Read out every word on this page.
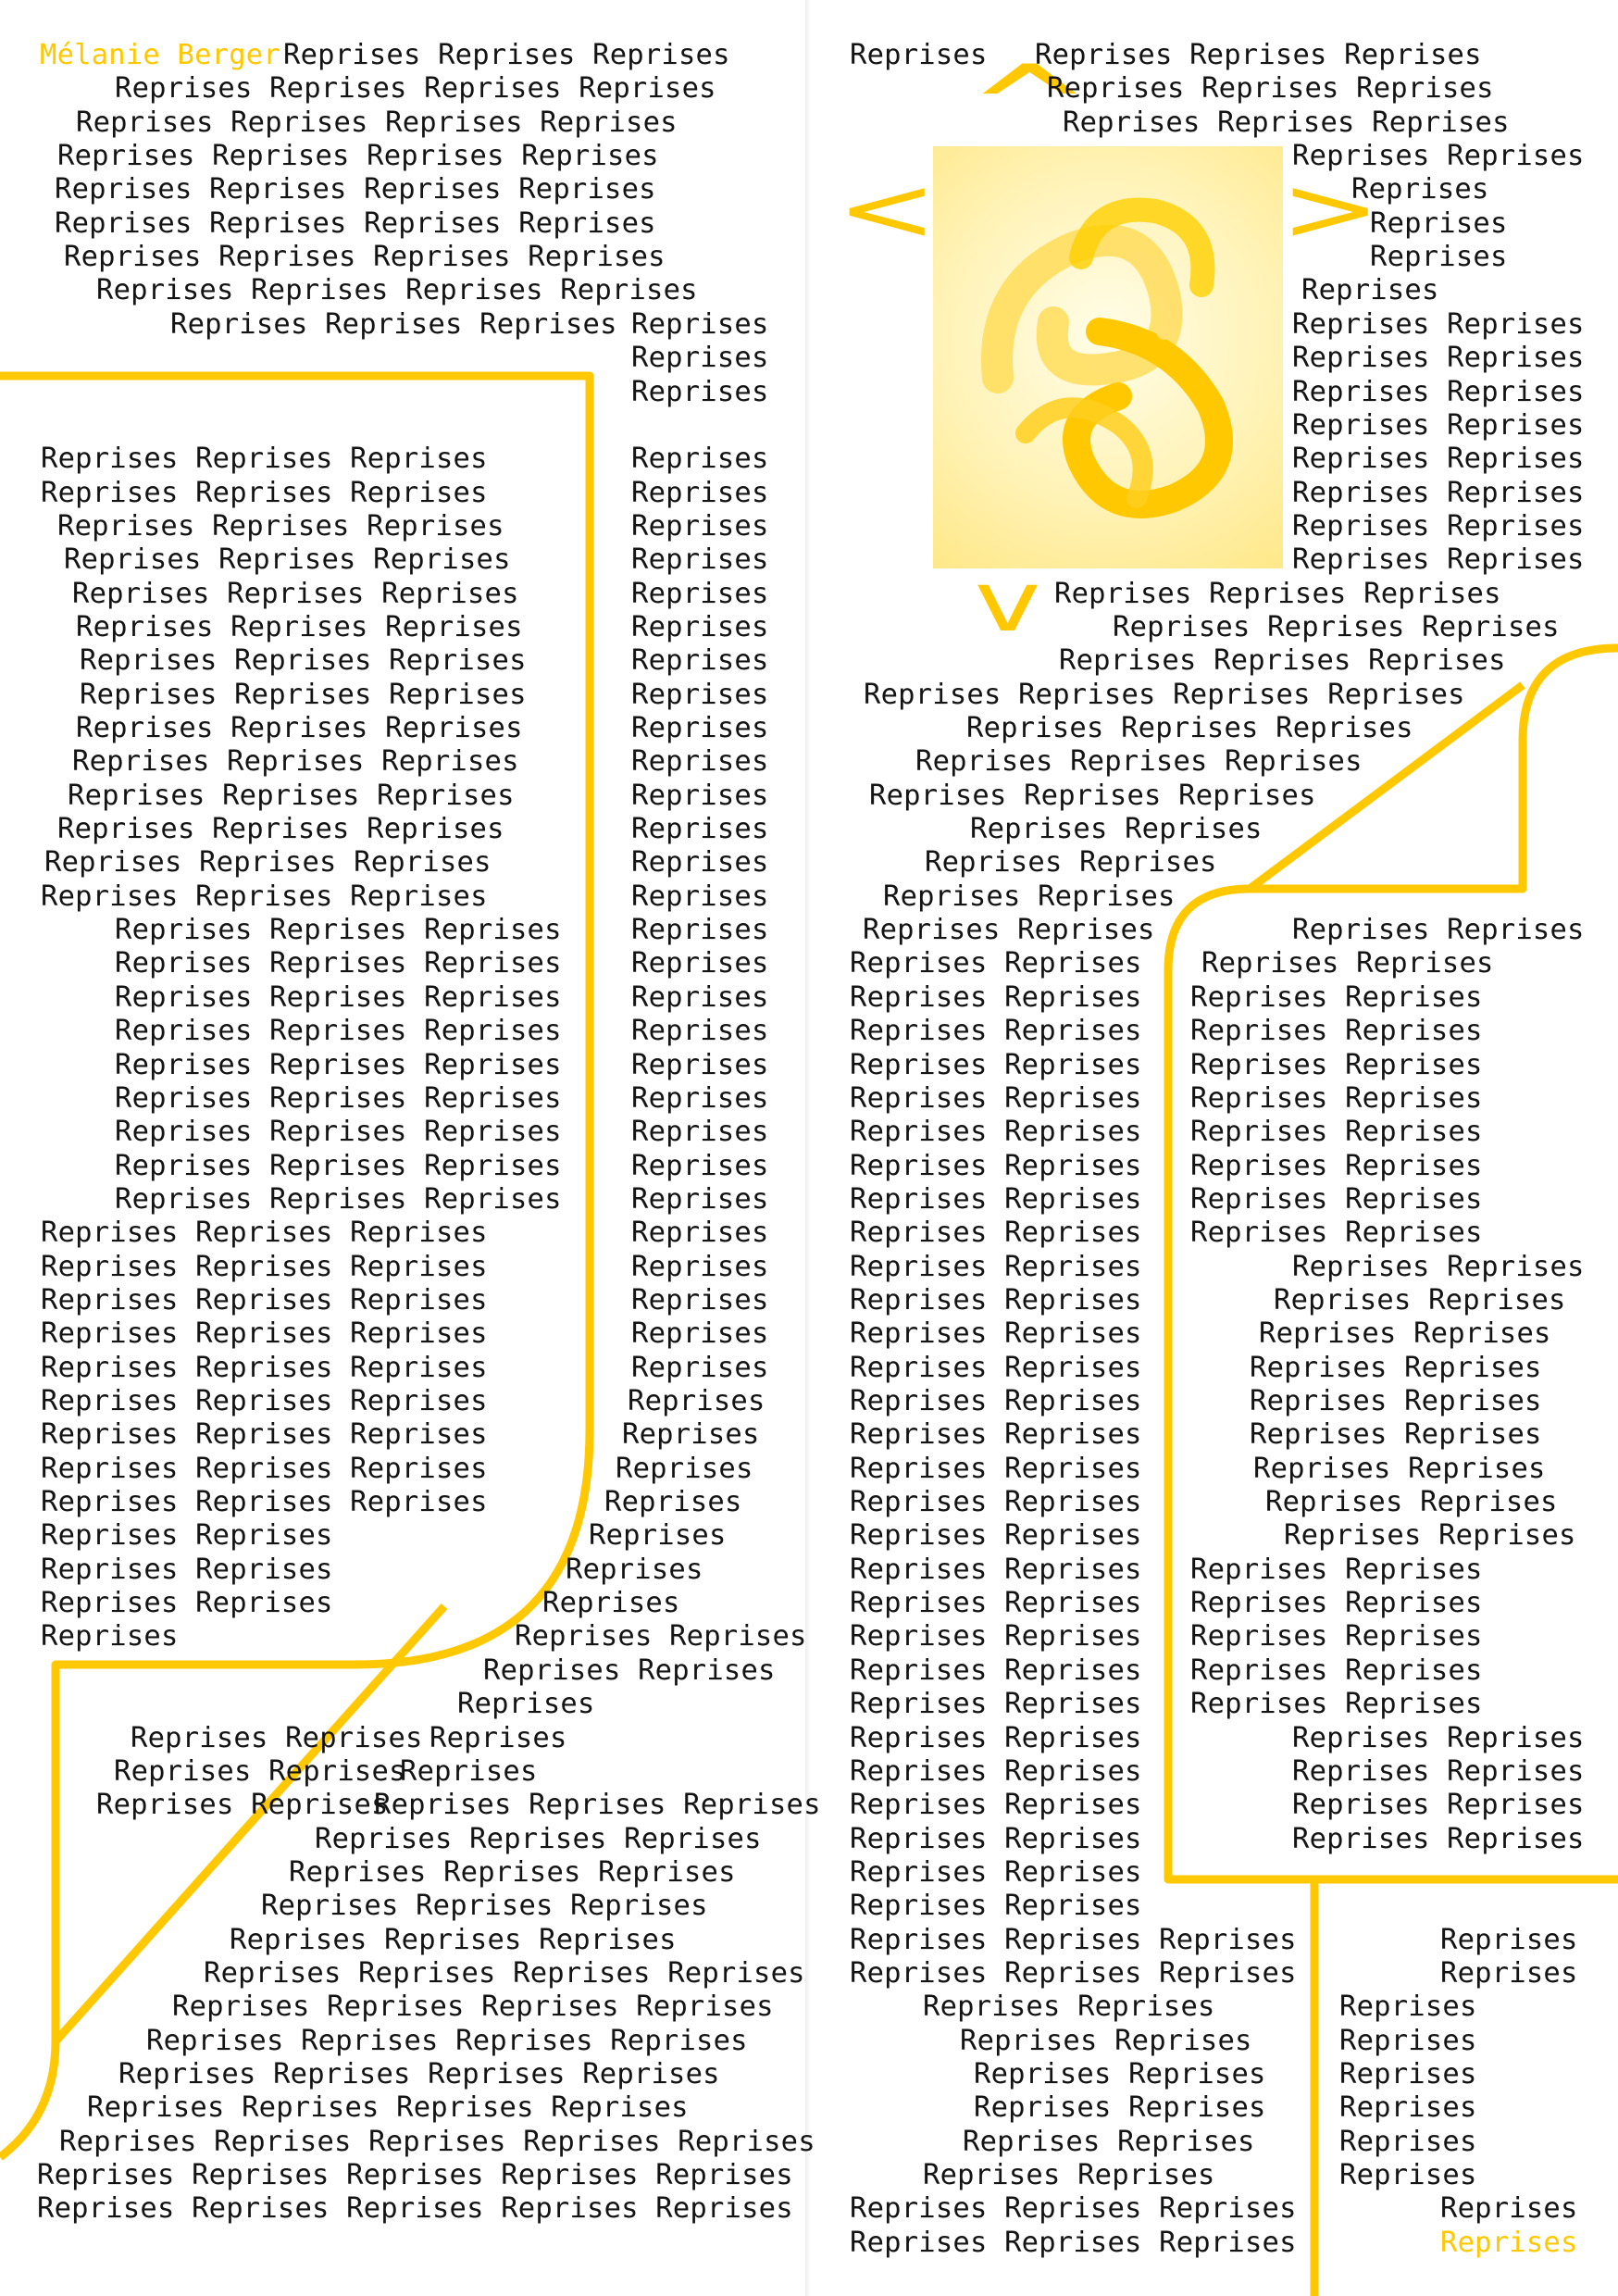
^
<	>
v
Reprises Reprises Reprises
Reprises Reprises Reprises Reprises
Reprises Reprises Reprises Reprises
Reprises Reprises Reprises Reprises
Reprises Reprises Reprises Reprises
Reprises Reprises Reprises Reprises
Reprises Reprises Reprises Reprises
Reprises Reprises Reprises Reprises
Reprises Reprises Reprises Reprises
Reprises
Reprises
Reprises Reprises Reprises	Reprises
Reprises Reprises Reprises	Reprises
Reprises Reprises Reprises	Reprises
Reprises Reprises Reprises	Reprises
Reprises Reprises Reprises	Reprises
Reprises Reprises Reprises	Reprises
Reprises Reprises Reprises	Reprises
Reprises Reprises Reprises	Reprises
Reprises Reprises Reprises	Reprises
Reprises Reprises Reprises	Reprises
Reprises Reprises Reprises	Reprises
Reprises Reprises Reprises	Reprises
Reprises Reprises Reprises	Reprises
Reprises Reprises Reprises	Reprises
Reprises Reprises Reprises Reprises
Reprises Reprises Reprises Reprises
Reprises Reprises Reprises Reprises
Reprises Reprises Reprises Reprises
Reprises Reprises Reprises Reprises
Reprises Reprises Reprises Reprises
Reprises Reprises Reprises Reprises
Reprises Reprises Reprises Reprises
Reprises Reprises Reprises Reprises
Reprises Reprises Reprises	Reprises
Reprises Reprises Reprises	Reprises
Reprises Reprises Reprises	Reprises
Reprises Reprises Reprises	Reprises
Reprises Reprises Reprises	Reprises
Reprises Reprises Reprises	Reprises
Reprises Reprises Reprises	Reprises
Reprises Reprises Reprises	Reprises
Reprises Reprises Reprises	Reprises
Reprises Reprises	Reprises
Reprises Reprises	Reprises
Reprises Reprises	Reprises
Reprises	Reprises Reprises
Reprises Reprises
Reprises
Reprises Reprises Reprises
Reprises Reprises
Reprises
Reprises Reprises
Reprises Reprises Reprises
Reprises Reprises Reprises
Reprises Reprises Reprises
Reprises Reprises Reprises
Reprises Reprises Reprises
Reprises Reprises Reprises Reprises
Reprises Reprises Reprises Reprises
Reprises Reprises Reprises Reprises
Reprises Reprises Reprises Reprises
Reprises Reprises Reprises Reprises
Reprises Reprises Reprises Reprises Reprises
Reprises Reprises Reprises Reprises Reprises
Reprises Reprises Reprises Reprises Reprises
Reprises Reprises Reprises Reprises
Reprises Reprises Reprises
Reprises Reprises Reprises
Reprises Reprises
Reprises
Reprises
Reprises
Reprises
Reprises Reprises
Reprises Reprises
Reprises Reprises
Reprises Reprises
Reprises Reprises
Reprises Reprises
Reprises Reprises
Reprises Reprises
Reprises Reprises Reprises
Reprises Reprises Reprises
Reprises Reprises Reprises
Reprises Reprises Reprises Reprises
Reprises Reprises Reprises
Reprises Reprises Reprises
Reprises Reprises Reprises
Reprises Reprises
Reprises Reprises
Reprises Reprises
Reprises Reprises	Reprises Reprises
Reprises Reprises Reprises Reprises
Reprises Reprises Reprises Reprises
Reprises Reprises Reprises Reprises
Reprises Reprises Reprises Reprises
Reprises Reprises Reprises Reprises
Reprises Reprises Reprises Reprises
Reprises Reprises Reprises Reprises
Reprises Reprises Reprises Reprises
Reprises Reprises Reprises Reprises
Reprises Reprises	Reprises Reprises
Reprises Reprises	Reprises Reprises
Reprises Reprises	Reprises Reprises
Reprises Reprises	Reprises Reprises
Reprises Reprises	Reprises Reprises
Reprises Reprises	Reprises Reprises
Reprises Reprises	Reprises Reprises
Reprises Reprises	Reprises Reprises
Reprises Reprises	Reprises Reprises
Reprises Reprises Reprises Reprises
Reprises Reprises Reprises Reprises
Reprises Reprises Reprises Reprises
Reprises Reprises Reprises Reprises
Reprises Reprises Reprises Reprises
Reprises Reprises	Reprises Reprises
Reprises Reprises	Reprises Reprises
Reprises Reprises	Reprises Reprises
Reprises Reprises	Reprises Reprises
Reprises Reprises
Reprises Reprises
Reprises Reprises Reprises	Reprises
Reprises Reprises Reprises	Reprises
Reprises Reprises	Reprises
Reprises Reprises	Reprises
Reprises Reprises	Reprises
Reprises Reprises	Reprises
Reprises Reprises	Reprises
Reprises Reprises	Reprises
Reprises Reprises Reprises	Reprises
Reprises Reprises Reprises	Reprises
Mélanie Berger
